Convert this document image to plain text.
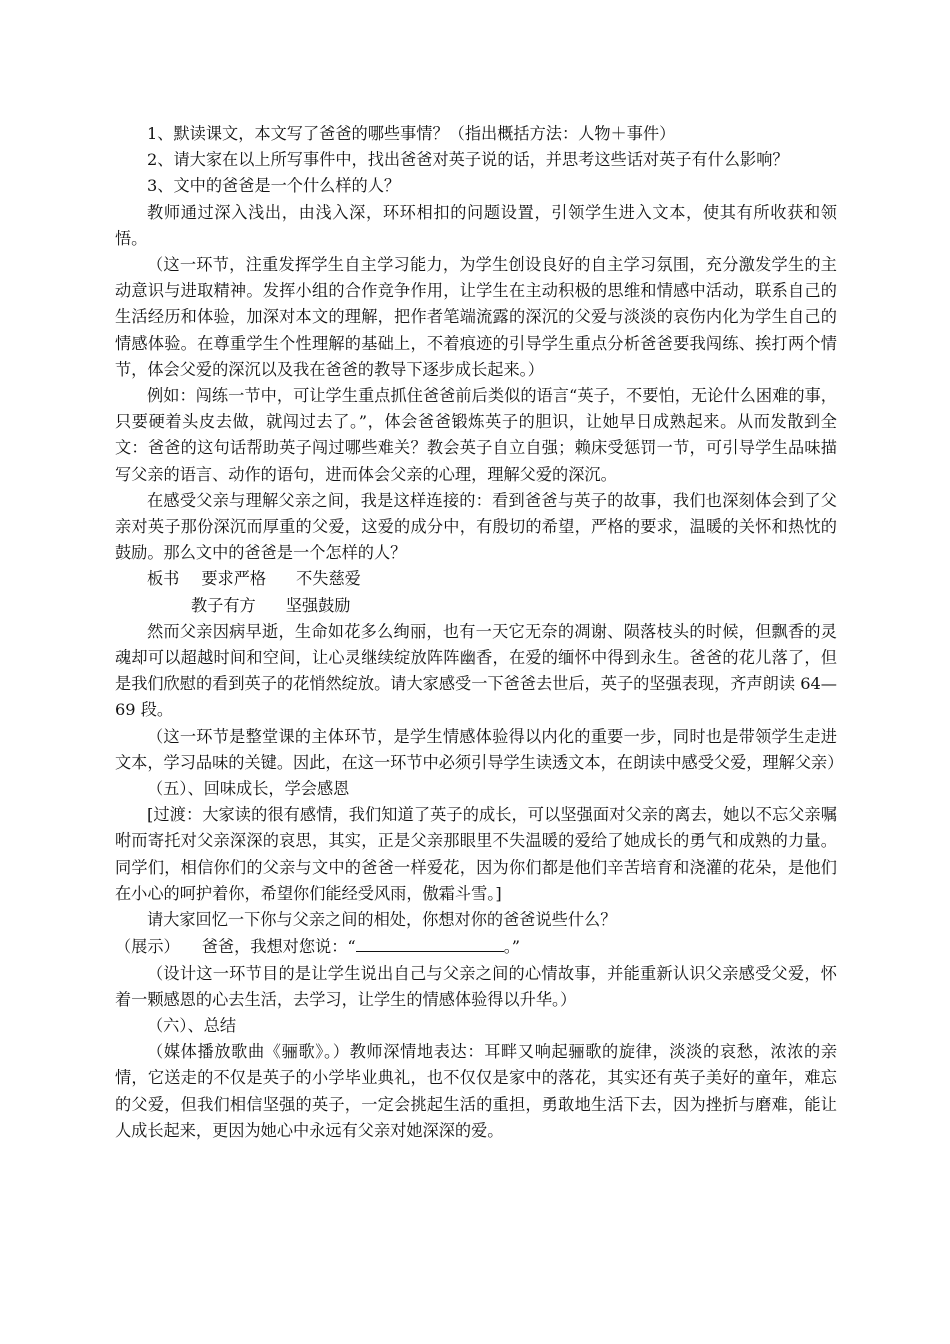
1、默读课文，本文写了爸爸的哪些事情？（指出概括方法：人物＋事件）

2、请大家在以上所写事件中，找出爸爸对英子说的话，并思考这些话对英子有什么影响？

3、文中的爸爸是一个什么样的人？

教师通过深入浅出，由浅入深，环环相扣的问题设置，引领学生进入文本，使其有所收获和领悟。

（这一环节，注重发挥学生自主学习能力，为学生创设良好的自主学习氛围，充分激发学生的主动意识与进取精神。发挥小组的合作竞争作用，让学生在主动积极的思维和情感中活动，联系自己的生活经历和体验，加深对本文的理解，把作者笔端流露的深沉的父爱与淡淡的哀伤内化为学生自己的情感体验。在尊重学生个性理解的基础上，不着痕迹的引导学生重点分析爸爸要我闯练、挨打两个情节，体会父爱的深沉以及我在爸爸的教导下逐步成长起来。）

例如：闯练一节中，可让学生重点抓住爸爸前后类似的语言“英子，不要怕，无论什么困难的事，只要硬着头皮去做，就闯过去了。”，体会爸爸锻炼英子的胆识，让她早日成熟起来。从而发散到全文：爸爸的这句话帮助英子闯过哪些难关？教会英子自立自强；赖床受惩罚一节，可引导学生品味描写父亲的语言、动作的语句，进而体会父亲的心理，理解父爱的深沉。

在感受父亲与理解父亲之间，我是这样连接的：看到爸爸与英子的故事，我们也深刻体会到了父亲对英子那份深沉而厚重的父爱，这爱的成分中，有殷切的希望，严格的要求，温暖的关怀和热忱的鼓励。那么文中的爸爸是一个怎样的人？

板书 要求严格 不失慈爱

教子有方 坚强鼓励

然而父亲因病早逝，生命如花多么绚丽，也有一天它无奈的凋谢、陨落枝头的时候，但飘香的灵魂却可以超越时间和空间，让心灵继续绽放阵阵幽香，在爱的缅怀中得到永生。爸爸的花儿落了，但是我们欣慰的看到英子的花悄然绽放。请大家感受一下爸爸去世后，英子的坚强表现，齐声朗读 64—69 段。

（这一环节是整堂课的主体环节，是学生情感体验得以内化的重要一步，同时也是带领学生走进文本，学习品味的关键。因此，在这一环节中必须引导学生读透文本，在朗读中感受父爱，理解父亲）

（五）、回味成长，学会感恩

[过渡：大家读的很有感情，我们知道了英子的成长，可以坚强面对父亲的离去，她以不忘父亲嘱咐而寄托对父亲深深的哀思，其实，正是父亲那眼里不失温暖的爱给了她成长的勇气和成熟的力量。同学们，相信你们的父亲与文中的爸爸一样爱花，因为你们都是他们辛苦培育和浇灌的花朵，是他们在小心的呵护着你，希望你们能经受风雨，傲霜斗雪。]

请大家回忆一下你与父亲之间的相处，你想对你的爸爸说些什么？

（展示） 爸爸，我想对您说：“	。”

（设计这一环节目的是让学生说出自己与父亲之间的心情故事，并能重新认识父亲感受父爱，怀着一颗感恩的心去生活，去学习，让学生的情感体验得以升华。）

（六）、总结

（媒体播放歌曲《骊歌》。）教师深情地表达：耳畔又响起骊歌的旋律，淡淡的哀愁，浓浓的亲情，它送走的不仅是英子的小学毕业典礼，也不仅仅是家中的落花，其实还有英子美好的童年，难忘的父爱，但我们相信坚强的英子，一定会挑起生活的重担，勇敢地生活下去，因为挫折与磨难，能让人成长起来，更因为她心中永远有父亲对她深深的爱。
